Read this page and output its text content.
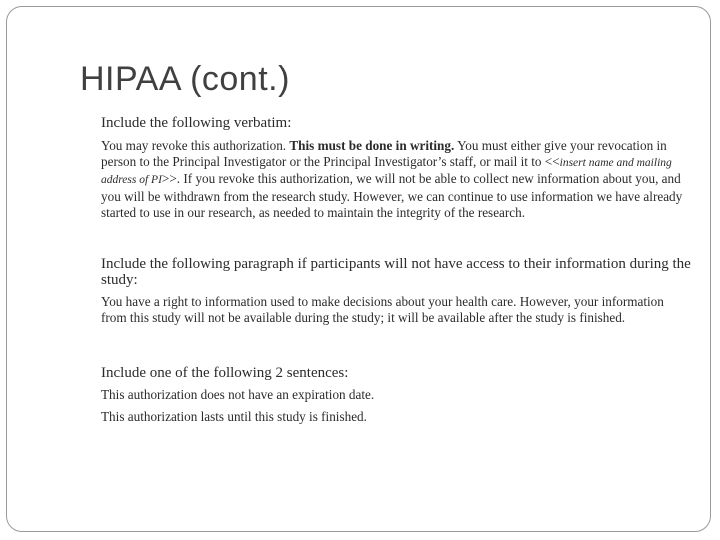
HIPAA (cont.)

Include the following verbatim:

You may revoke this authorization. This must be done in writing. You must either give your revocation in person to the Principal Investigator or the Principal Investigator’s staff, or mail it to <<insert name and mailing address of PI>>. If you revoke this authorization, we will not be able to collect new information about you, and you will be withdrawn from the research study. However, we can continue to use information we have already started to use in our research, as needed to maintain the integrity of the research.

Include the following paragraph if participants will not have access to their information during the study:

You have a right to information used to make decisions about your health care. However, your information from this study will not be available during the study; it will be available after the study is finished.

Include one of the following 2 sentences:

This authorization does not have an expiration date.

This authorization lasts until this study is finished.
